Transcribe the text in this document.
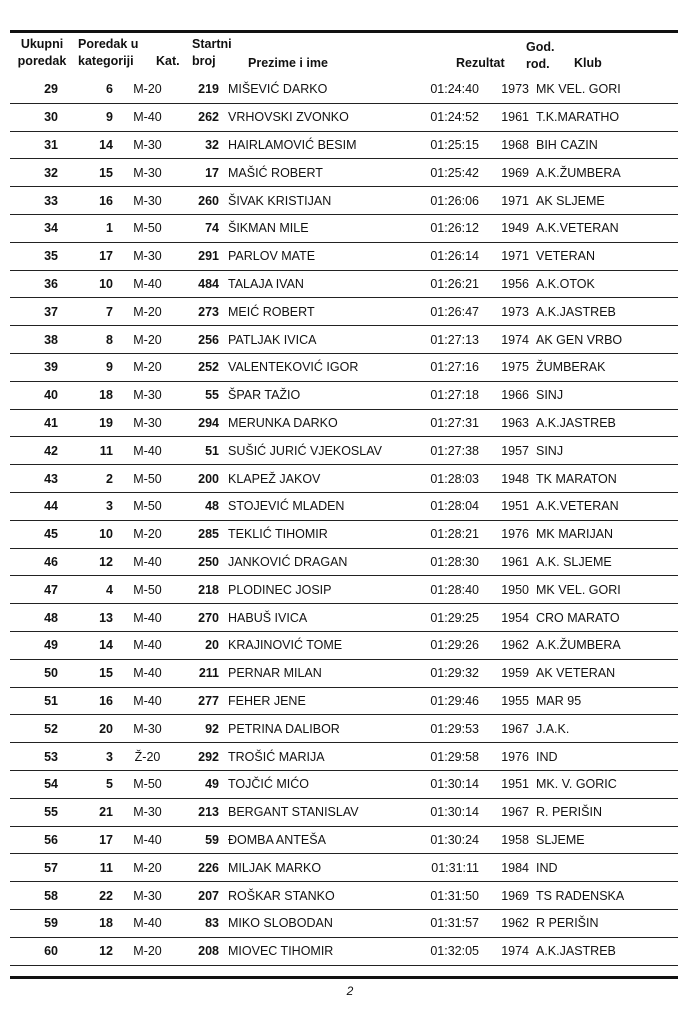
Ukupni
poredak
Poredak u
kategoriji	Kat.
Startni
broj	Prezime i ime	Rezultat
God.
rod.	Klub
29	6	M-20	219	MIŠEVIĆ DARKO	01:24:40	1973	MK VEL. GORI
30	9	M-40	262	VRHOVSKI ZVONKO	01:24:52	1961	T.K.MARATHO
31	14	M-30	32	HAIRLAMOVIĆ BESIM	01:25:15	1968	BIH CAZIN
32	15	M-30	17	MAŠIĆ ROBERT	01:25:42	1969	A.K.ŽUMBERA
33	16	M-30	260	ŠIVAK KRISTIJAN	01:26:06	1971	AK SLJEME
34	1	M-50	74	ŠIKMAN MILE	01:26:12	1949	A.K.VETERAN
35	17	M-30	291	PARLOV MATE	01:26:14	1971	VETERAN
36	10	M-40	484	TALAJA IVAN	01:26:21	1956	A.K.OTOK
37	7	M-20	273	MEIĆ ROBERT	01:26:47	1973	A.K.JASTREB
38	8	M-20	256	PATLJAK IVICA	01:27:13	1974	AK GEN VRBO
39	9	M-20	252	VALENTEKOVIĆ IGOR	01:27:16	1975	ŽUMBERAK
40	18	M-30	55	ŠPAR TAŽIO	01:27:18	1966	SINJ
41	19	M-30	294	MERUNKA DARKO	01:27:31	1963	A.K.JASTREB
42	11	M-40	51	SUŠIĆ JURIĆ VJEKOSLAV	01:27:38	1957	SINJ
43	2	M-50	200	KLAPEŽ JAKOV	01:28:03	1948	TK MARATON
44	3	M-50	48	STOJEVIĆ MLADEN	01:28:04	1951	A.K.VETERAN
45	10	M-20	285	TEKLIĆ TIHOMIR	01:28:21	1976	MK MARIJAN
46	12	M-40	250	JANKOVIĆ DRAGAN	01:28:30	1961	A.K. SLJEME
47	4	M-50	218	PLODINEC JOSIP	01:28:40	1950	MK VEL. GORI
48	13	M-40	270	HABUŠ IVICA	01:29:25	1954	CRO MARATO
49	14	M-40	20	KRAJINOVIĆ TOME	01:29:26	1962	A.K.ŽUMBERA
50	15	M-40	211	PERNAR MILAN	01:29:32	1959	AK VETERAN
51	16	M-40	277	FEHER JENE	01:29:46	1955	MAR 95
52	20	M-30	92	PETRINA DALIBOR	01:29:53	1967	J.A.K.
53	3	Ž-20	292	TROŠIĆ MARIJA	01:29:58	1976	IND
54	5	M-50	49	TOJČIĆ MIĆO	01:30:14	1951	MK. V. GORIC
55	21	M-30	213	BERGANT STANISLAV	01:30:14	1967	R. PERIŠIN
56	17	M-40	59	ĐOMBA ANTEŠA	01:30:24	1958	SLJEME
57	11	M-20	226	MILJAK MARKO	01:31:11	1984	IND
58	22	M-30	207	ROŠKAR STANKO	01:31:50	1969	TS RADENSKA
59	18	M-40	83	MIKO SLOBODAN	01:31:57	1962	R PERIŠIN
60	12	M-20	208	MIOVEC TIHOMIR	01:32:05	1974	A.K.JASTREB
2
